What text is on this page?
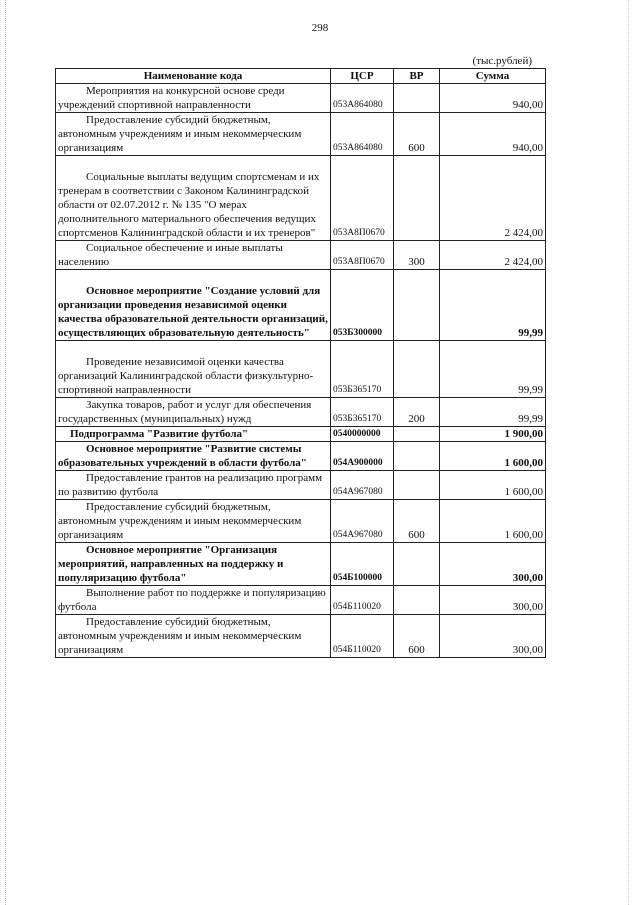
298
(тыс.рублей)
Наименование кода	ЦСР	ВР	Сумма
Мероприятия на конкурсной основе среди учреждений спортивной направленности	053А864080		940,00
Предоставление субсидий бюджетным, автономным учреждениям и иным некоммерческим организациям	053А864080	600	940,00
Социальные выплаты ведущим спортсменам и их тренерам в соответствии с Законом Калининградской области от 02.07.2012 г. № 135 "О мерах дополнительного материального обеспечения ведущих спортсменов Калининградской области и их тренеров"	053А8П0670		2 424,00
Социальное обеспечение и иные выплаты населению	053А8П0670	300	2 424,00
Основное мероприятие "Создание условий для организации проведения независимой оценки качества образовательной деятельности организаций, осуществляющих образовательную деятельность"	053Б300000		99,99
Проведение независимой оценки качества организаций Калининградской области физкультурно-спортивной направленности	053Б365170		99,99
Закупка товаров, работ и услуг для обеспечения государственных (муниципальных) нужд	053Б365170	200	99,99
Подпрограмма "Развитие футбола"	0540000000		1 900,00
Основное мероприятие "Развитие системы образовательных учреждений в области футбола"	054А900000		1 600,00
Предоставление грантов на реализацию программ по развитию футбола	054А967080		1 600,00
Предоставление субсидий бюджетным, автономным учреждениям и иным некоммерческим организациям	054А967080	600	1 600,00
Основное мероприятие "Организация мероприятий, направленных на поддержку и популяризацию футбола"	054Б100000		300,00
Выполнение работ по поддержке и популяризацию футбола	054Б110020		300,00
Предоставление субсидий бюджетным, автономным учреждениям и иным некоммерческим организациям	054Б110020	600	300,00
